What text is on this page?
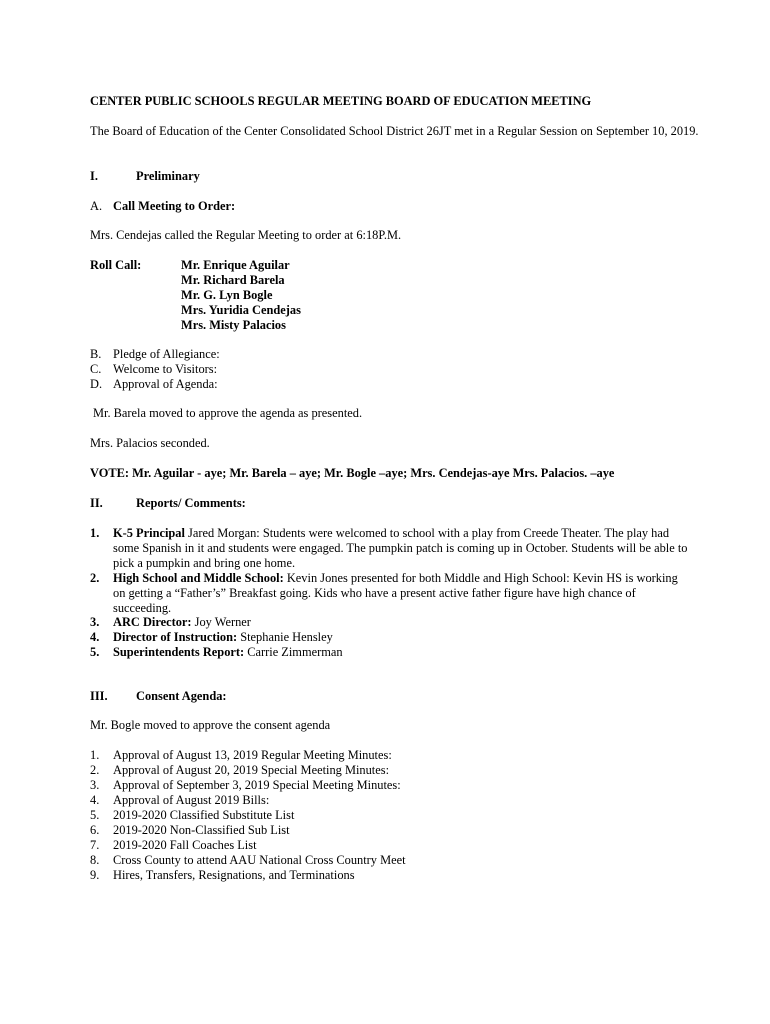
CENTER PUBLIC SCHOOLS REGULAR MEETING BOARD OF EDUCATION MEETING
The Board of Education of the Center Consolidated School District 26JT met in a Regular Session on September 10, 2019.
I.	Preliminary
A. Call Meeting to Order:
Mrs. Cendejas called the Regular Meeting to order at 6:18P.M.
Roll Call:	Mr. Enrique Aguilar
Mr. Richard Barela
Mr. G. Lyn Bogle
Mrs. Yuridia Cendejas
Mrs. Misty Palacios
B. Pledge of Allegiance:
C. Welcome to Visitors:
D. Approval of Agenda:
Mr. Barela moved to approve the agenda as presented.
Mrs. Palacios seconded.
VOTE: Mr. Aguilar - aye; Mr. Barela – aye; Mr. Bogle –aye; Mrs. Cendejas-aye Mrs. Palacios. –aye
II.	Reports/ Comments:
1. K-5 Principal Jared Morgan: Students were welcomed to school with a play from Creede Theater. The play had some Spanish in it and students were engaged. The pumpkin patch is coming up in October. Students will be able to pick a pumpkin and bring one home.
2. High School and Middle School: Kevin Jones presented for both Middle and High School: Kevin HS is working on getting a “Father’s” Breakfast going. Kids who have a present active father figure have high chance of succeeding.
3. ARC Director: Joy Werner
4. Director of Instruction: Stephanie Hensley
5. Superintendents Report: Carrie Zimmerman
III. Consent Agenda:
Mr. Bogle moved to approve the consent agenda
1. Approval of August 13, 2019 Regular Meeting Minutes:
2. Approval of August 20, 2019 Special Meeting Minutes:
3. Approval of September 3, 2019 Special Meeting Minutes:
4. Approval of August 2019 Bills:
5. 2019-2020 Classified Substitute List
6. 2019-2020 Non-Classified Sub List
7. 2019-2020 Fall Coaches List
8. Cross County to attend AAU National Cross Country Meet
9. Hires, Transfers, Resignations, and Terminations
